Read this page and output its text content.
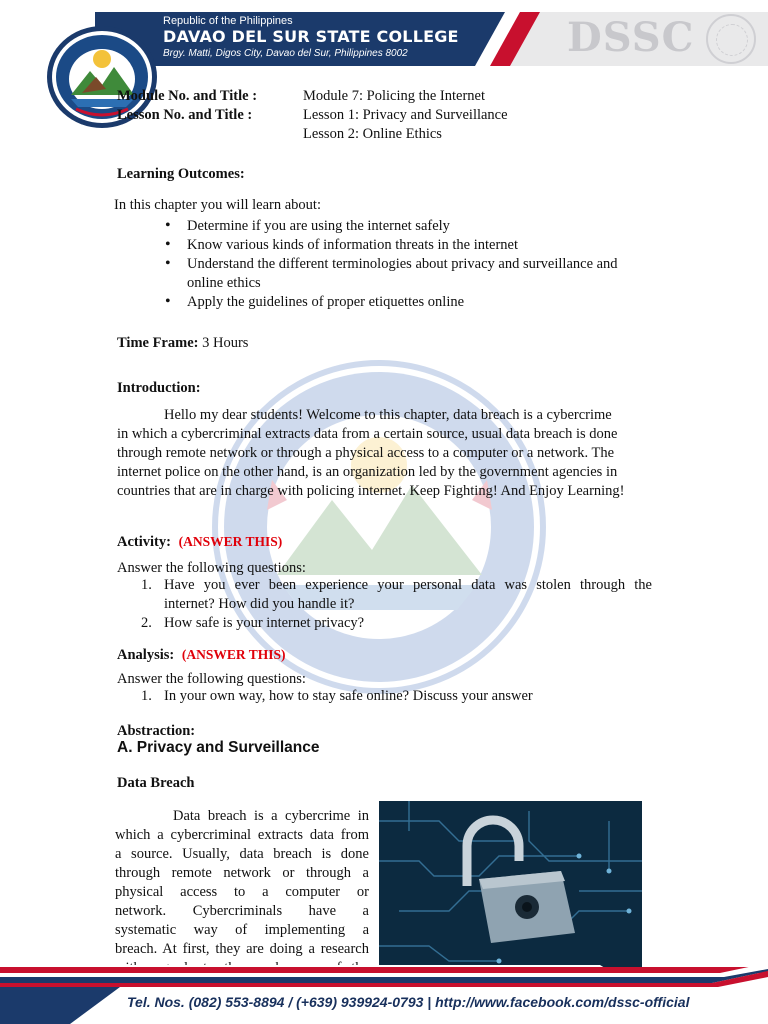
Republic of the Philippines
DAVAO DEL SUR STATE COLLEGE
Brgy. Matti, Digos City, Davao del Sur, Philippines 8002	DSSC
Module No. and Title :	Module 7: Policing the Internet
Lesson No. and Title :	Lesson 1: Privacy and Surveillance
Lesson 2: Online Ethics
Learning Outcomes:
In this chapter you will learn about:
• Determine if you are using the internet safely
• Know various kinds of information threats in the internet
• Understand the different terminologies about privacy and surveillance and
online ethics
• Apply the guidelines of proper etiquettes online
Time Frame: 3 Hours
Introduction:
Hello my dear students! Welcome to this chapter, data breach is a cybercrime
in which a cybercriminal extracts data from a certain source, usual data breach is done
through remote network or through a physical access to a computer or a network. The
internet police on the other hand, is an organization led by the government agencies in
countries that are in charge with policing internet. Keep Fighting! And Enjoy Learning!
Activity: (ANSWER THIS)
Answer the following questions:
1. Have you ever been experience your personal data was stolen through the
internet? How did you handle it?
2. How safe is your internet privacy?
Analysis: (ANSWER THIS)
Answer the following questions:
1. In your own way, how to stay safe online? Discuss your answer
Abstraction:
A. Privacy and Surveillance
Data Breach
Data breach is a cybercrime in
which a cybercriminal extracts data from
a source. Usually, data breach is done
through remote network or through a
physical access to a computer or
network. Cybercriminals have a
systematic way of implementing a
breach. At first, they are doing a research
Tel. Nos. (082) 553-8894 / (+639) 939924-0793 | http://www.facebook.com/dssc-official
